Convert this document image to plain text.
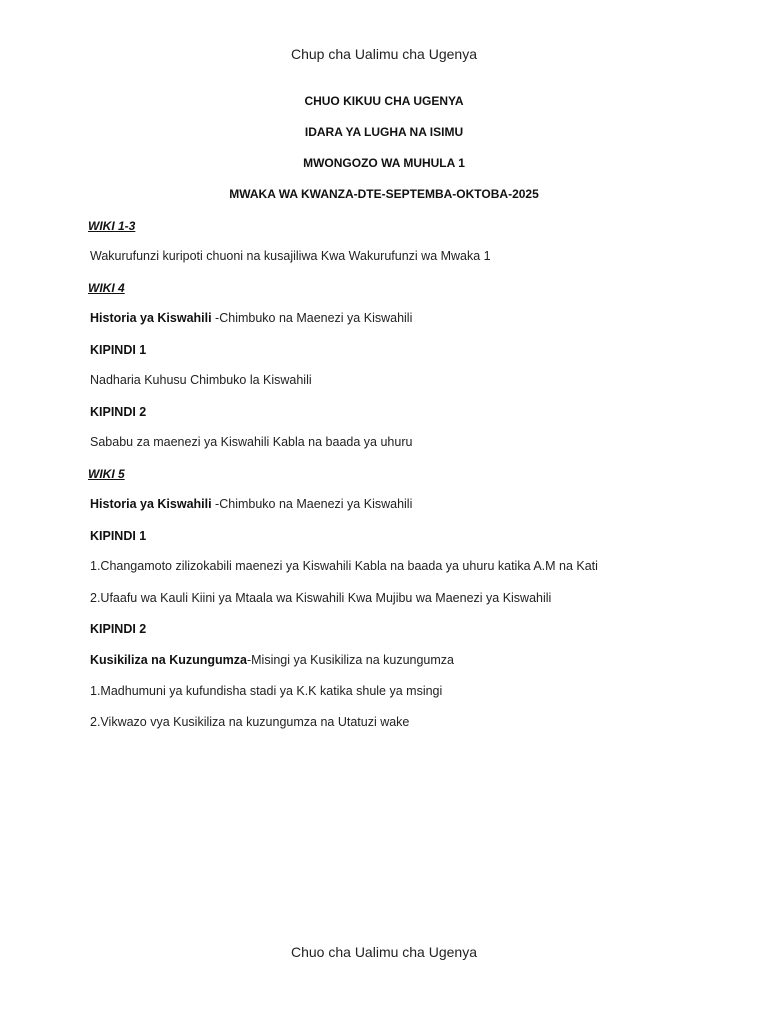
Chup cha Ualimu cha Ugenya
CHUO KIKUU CHA UGENYA
IDARA YA LUGHA NA ISIMU
MWONGOZO WA MUHULA 1
MWAKA WA KWANZA-DTE-SEPTEMBA-OKTOBA-2025
WIKI 1-3
Wakurufunzi kuripoti chuoni na kusajiliwa Kwa Wakurufunzi wa Mwaka 1
WIKI 4
Historia ya Kiswahili -Chimbuko na Maenezi ya Kiswahili
KIPINDI 1
Nadharia Kuhusu Chimbuko la Kiswahili
KIPINDI 2
Sababu za maenezi ya Kiswahili Kabla na baada ya uhuru
WIKI 5
Historia ya Kiswahili -Chimbuko na Maenezi ya Kiswahili
KIPINDI 1
1.Changamoto zilizokabili maenezi ya Kiswahili Kabla na baada ya uhuru katika A.M na Kati
2.Ufaafu wa Kauli Kiini ya Mtaala wa Kiswahili Kwa Mujibu wa Maenezi ya Kiswahili
KIPINDI 2
Kusikiliza na Kuzungumza-Misingi ya Kusikiliza na kuzungumza
1.Madhumuni ya kufundisha stadi ya K.K katika shule ya msingi
2.Vikwazo vya Kusikiliza na kuzungumza na Utatuzi wake
Chuo cha Ualimu cha Ugenya
